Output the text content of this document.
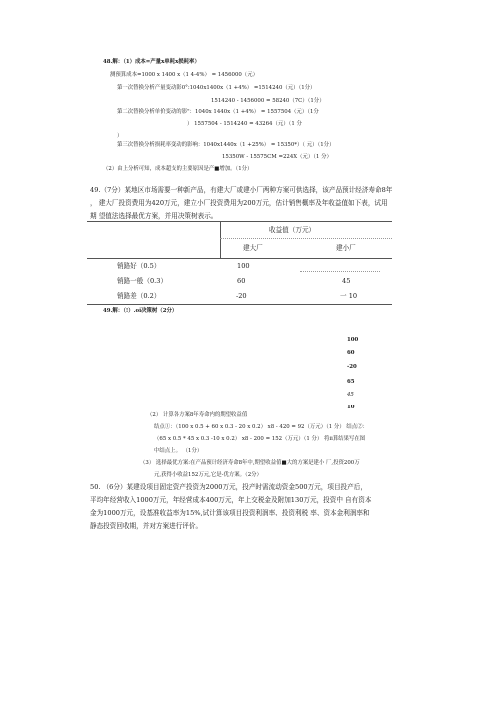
48.解：（1）成本=产量x单耗x损耗率）
测预算成本=1000 x 1400 x（1 4-4%） = 1456000（元）
第一次替换分析产量变动影0°:1040x1400x（1 +4%） =1514240（元）（1分）
1514240 - 1456000 = 58240（7C）（1分）
第二次替换分析单价变动的影"：1040x 1440x（1 +4%） = 1557504（元）（1分
） 1557504 - 1514240 = 43264（元）（1 分
）
第三次替换分析损耗率变动的影响：1040x1440x（1 +25%） = 15350*）（ 元）（1分）
15350W - 15575CM =224X（元）（1 分）
（2）由上分析可知，成本超支的主要原因是产■增加。（1分）
49.（7分）某地区市场需要一种新产品，有建大厂或建小厂两种方案可供选择，该产品预计经济寿命8年
， 建大厂投资费用为420万元，建立小厂投资费用为200万元，估计销售概率及年收益值如下表，试用
期 望值法选择最优方案，并用决策树表示。
收益值（万元）
建大厂	建小厂
销路好（0.5）	100
销路一般（0.3）	60	45
销路差（0.2）	-20	一 10
49.解：（!）.oi决策树（2分）
100
60
-20
65
45
10
（2） 计算各方案8年寿命内的期望收益值
结点①：（100 x 0.5 + 60 x 0.3 - 20 x 0.2） x8 - 420 = 92（万元）（1 分） 结点②：
（65 x 0.5 * 45 x 0.3 -10 x 0.2） x8 - 200 = 152（万元）（1 分） 将ii算结果写在图
中结点上。 （1分）
（3） 选择最优方案:在产品预计经济寿命8年中,期望收益值■大的方案是建小 厂,投资200万
元,获得小收益152万元,它是-优方案。（2分）
50. （6分）某建设项目固定资产投资为2000万元，投产时需流动资金500万元，项目投产后，
平均年经营收入1000万元，年经营成本400万元，年上交税金及附加130万元，投资中 自有资本
金为1000万元，设基准收益率为15%,试计算该项目投资利润率、投资利税 率、资本金利润率和
静态投资回收期，并对方案进行评价。
